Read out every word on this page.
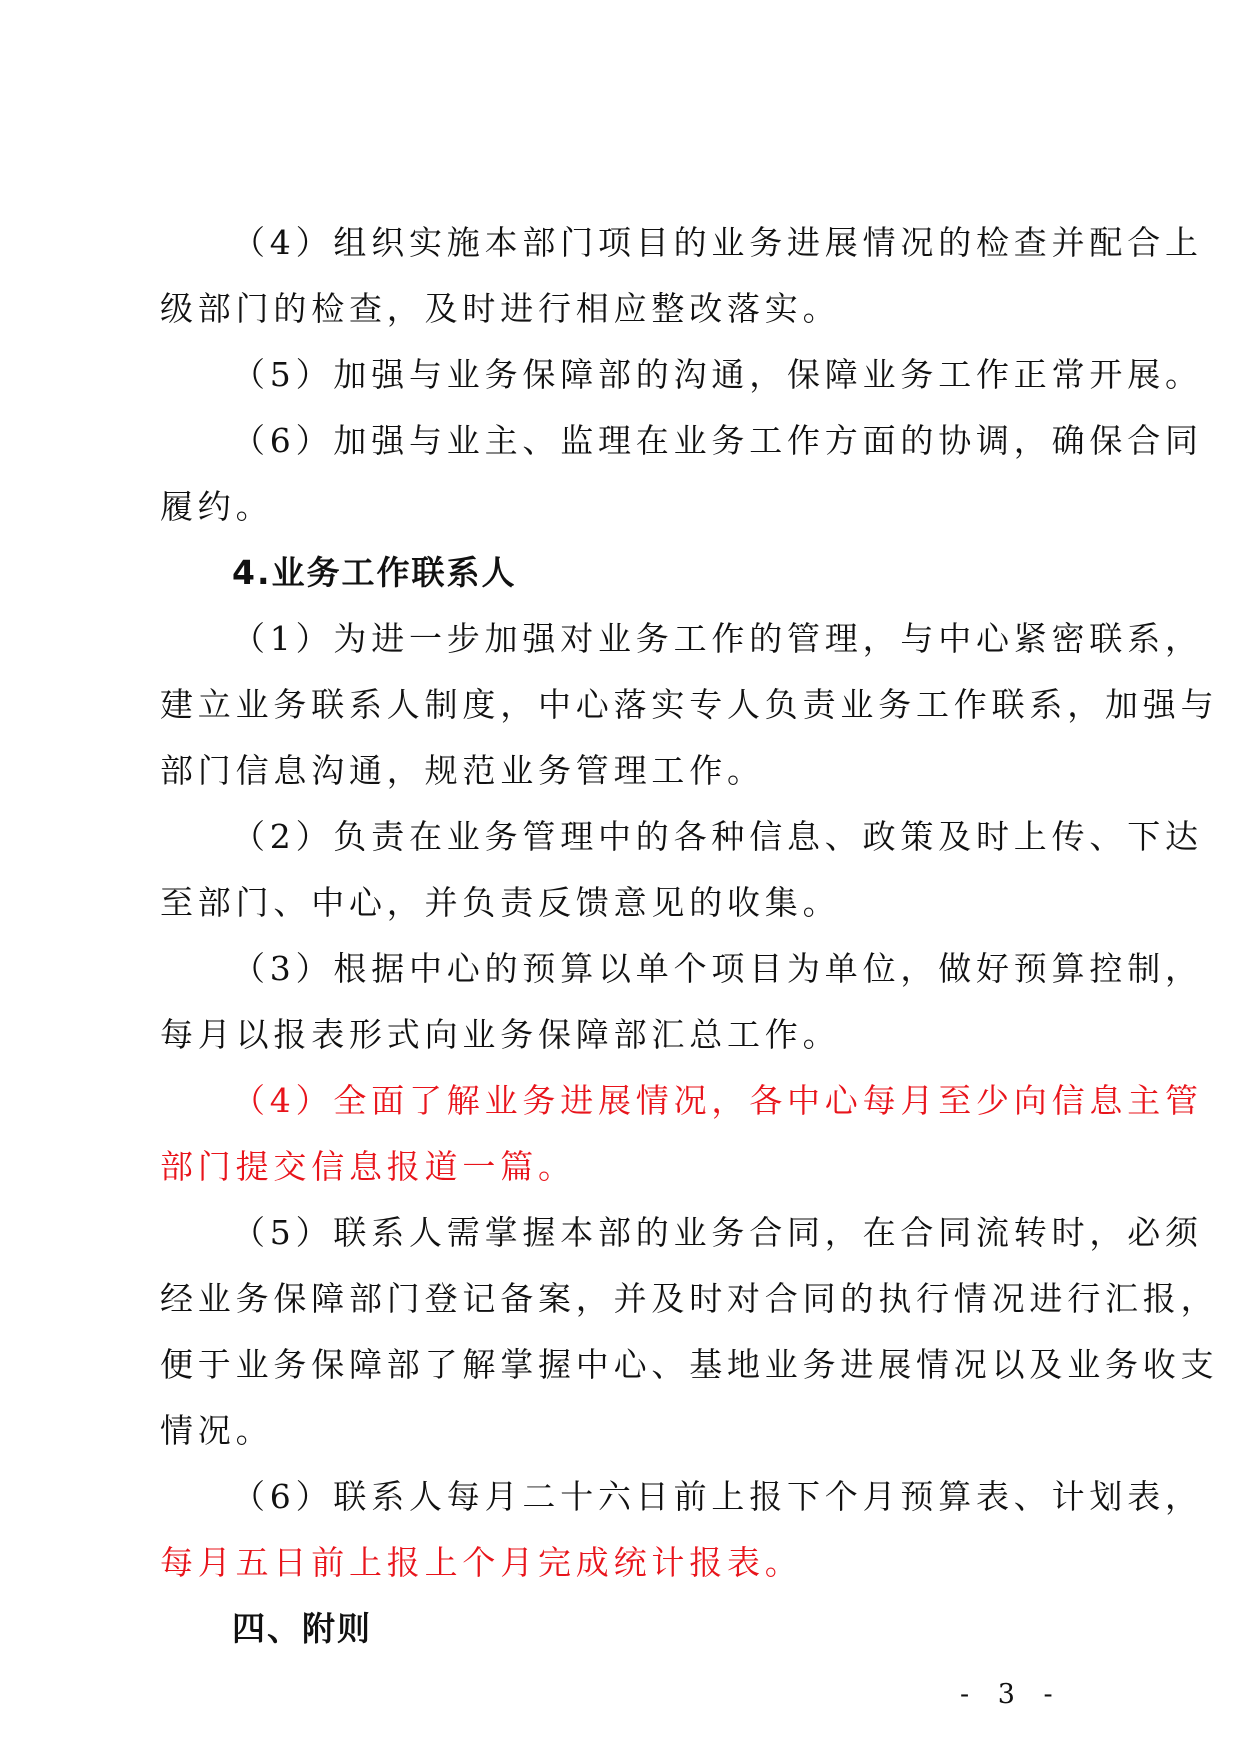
（4）组织实施本部门项目的业务进展情况的检查并配合上
级部门的检查，及时进行相应整改落实。
（5）加强与业务保障部的沟通，保障业务工作正常开展。
（6）加强与业主、监理在业务工作方面的协调，确保合同
履约。
4.业务工作联系人
（1）为进一步加强对业务工作的管理，与中心紧密联系，
建立业务联系人制度，中心落实专人负责业务工作联系，加强与
部门信息沟通，规范业务管理工作。
（2）负责在业务管理中的各种信息、政策及时上传、下达
至部门、中心，并负责反馈意见的收集。
（3）根据中心的预算以单个项目为单位，做好预算控制，
每月以报表形式向业务保障部汇总工作。
（4）全面了解业务进展情况，各中心每月至少向信息主管
部门提交信息报道一篇。
（5）联系人需掌握本部的业务合同，在合同流转时，必须
经业务保障部门登记备案，并及时对合同的执行情况进行汇报，
便于业务保障部了解掌握中心、基地业务进展情况以及业务收支
情况。
（6）联系人每月二十六日前上报下个月预算表、计划表，
每月五日前上报上个月完成统计报表。
四、附则
- 3 -
